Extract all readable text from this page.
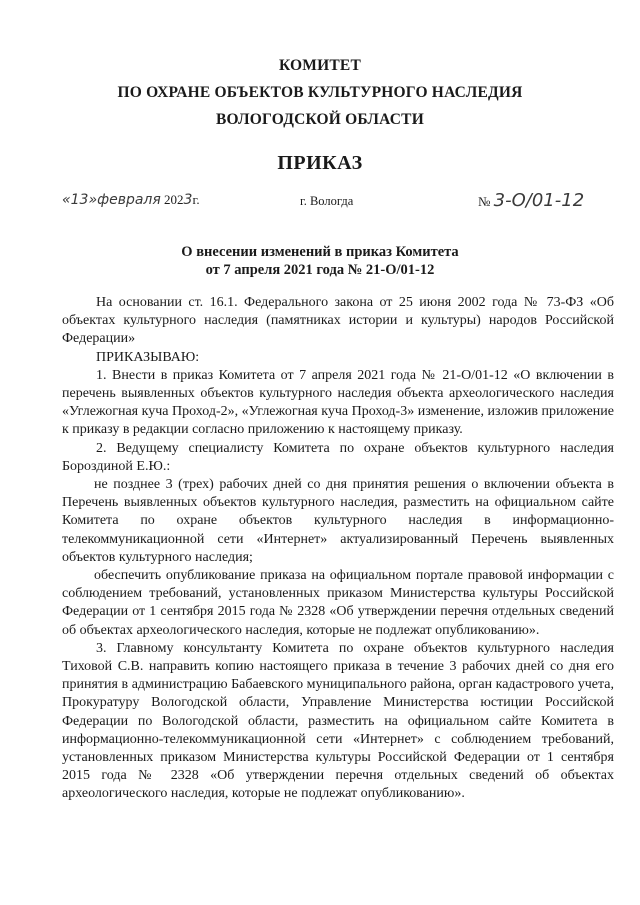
КОМИТЕТ
ПО ОХРАНЕ ОБЪЕКТОВ КУЛЬТУРНОГО НАСЛЕДИЯ
ВОЛОГОДСКОЙ ОБЛАСТИ
ПРИКАЗ
«13»февраля 2023г.	г. Вологда	№ 3-О/01-12
О внесении изменений в приказ Комитета
от 7 апреля 2021 года № 21-О/01-12

На основании ст. 16.1. Федерального закона от 25 июня 2002 года № 73-ФЗ «Об объектах культурного наследия (памятниках истории и культуры) народов Российской Федерации»

ПРИКАЗЫВАЮ:

1. Внести в приказ Комитета от 7 апреля 2021 года № 21-О/01-12 «О включении в перечень выявленных объектов культурного наследия объекта археологического наследия «Углежогная куча Проход-2», «Углежогная куча Проход-3» изменение, изложив приложение к приказу в редакции согласно приложению к настоящему приказу.

2. Ведущему специалисту Комитета по охране объектов культурного наследия Бороздиной Е.Ю.:

не позднее 3 (трех) рабочих дней со дня принятия решения о включении объекта в Перечень выявленных объектов культурного наследия, разместить на официальном сайте Комитета по охране объектов культурного наследия в информационно-телекоммуникационной сети «Интернет» актуализированный Перечень выявленных объектов культурного наследия;

обеспечить опубликование приказа на официальном портале правовой информации с соблюдением требований, установленных приказом Министерства культуры Российской Федерации от 1 сентября 2015 года № 2328 «Об утверждении перечня отдельных сведений об объектах археологического наследия, которые не подлежат опубликованию».

3. Главному консультанту Комитета по охране объектов культурного наследия Тиховой С.В. направить копию настоящего приказа в течение 3 рабочих дней со дня его принятия в администрацию Бабаевского муниципального района, орган кадастрового учета, Прокуратуру Вологодской области, Управление Министерства юстиции Российской Федерации по Вологодской области, разместить на официальном сайте Комитета в информационно-телекоммуникационной сети «Интернет» с соблюдением требований, установленных приказом Министерства культуры Российской Федерации от 1 сентября 2015 года № 2328 «Об утверждении перечня отдельных сведений об объектах археологического наследия, которые не подлежат опубликованию».
